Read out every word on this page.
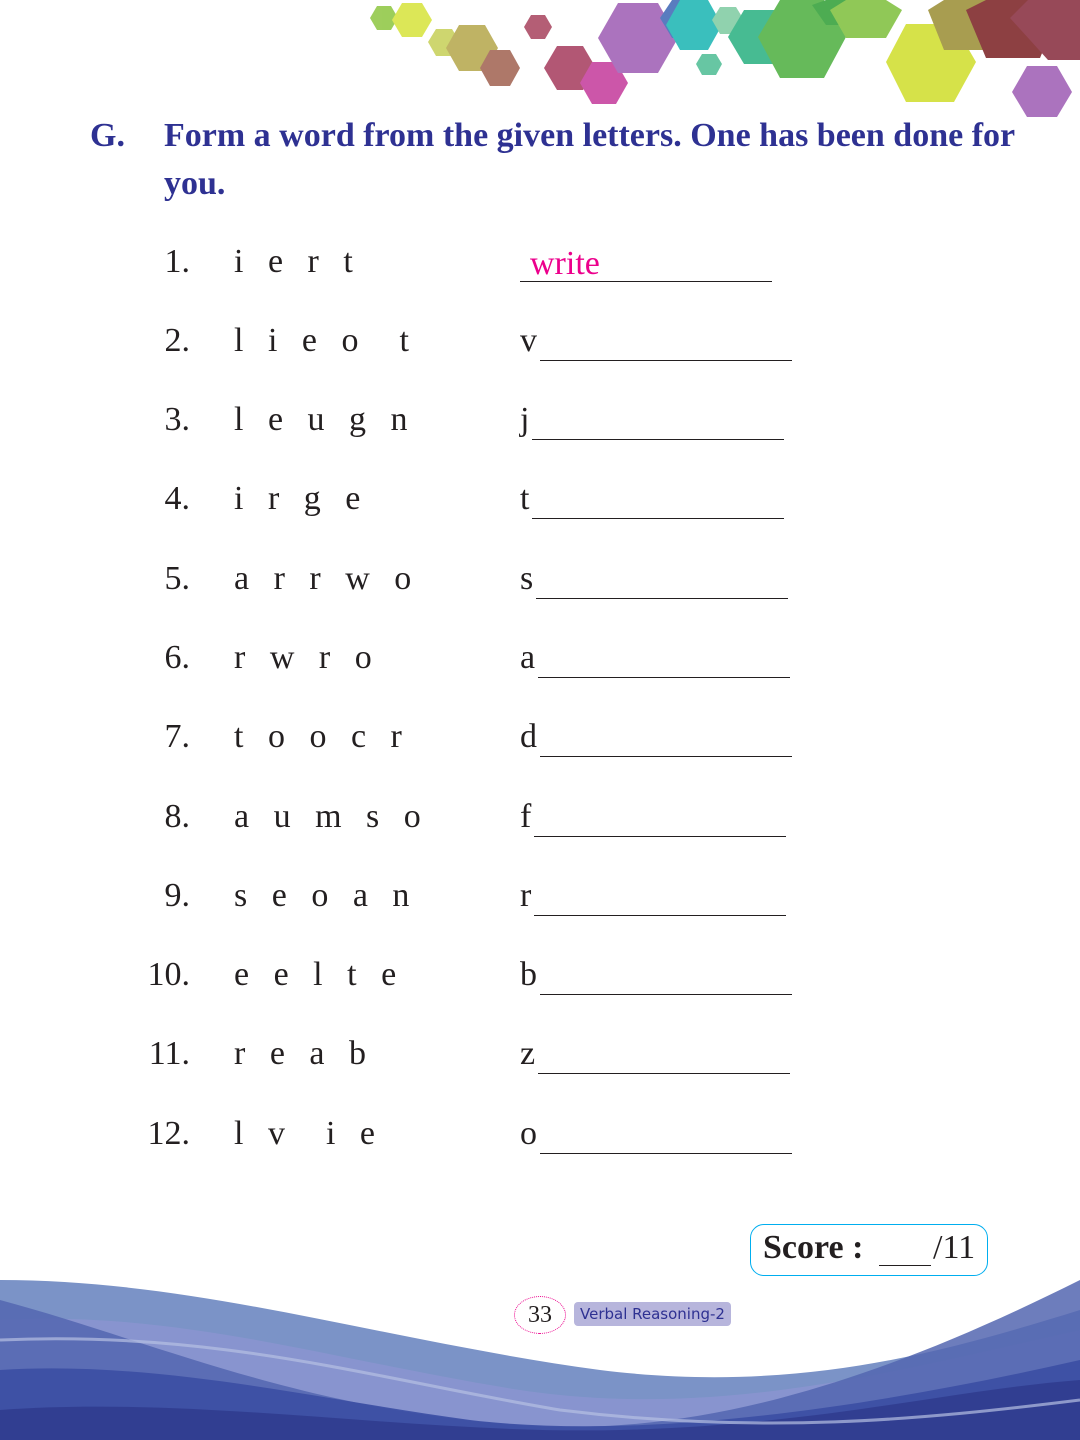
G. Form a word from the given letters. One has been done for you.
1. i e r t	write
2. l i e o  t	v
3. l e u g n	j
4. i r g e	t
5. a r r w o	s
6. r w r o	a
7. t o o c r	d
8. a u m s o	f
9. s e o a n	r
10. e e l t e	b
11. r e a b	z
12. l v  i e	o
Score : /11
33	Verbal Reasoning-2
